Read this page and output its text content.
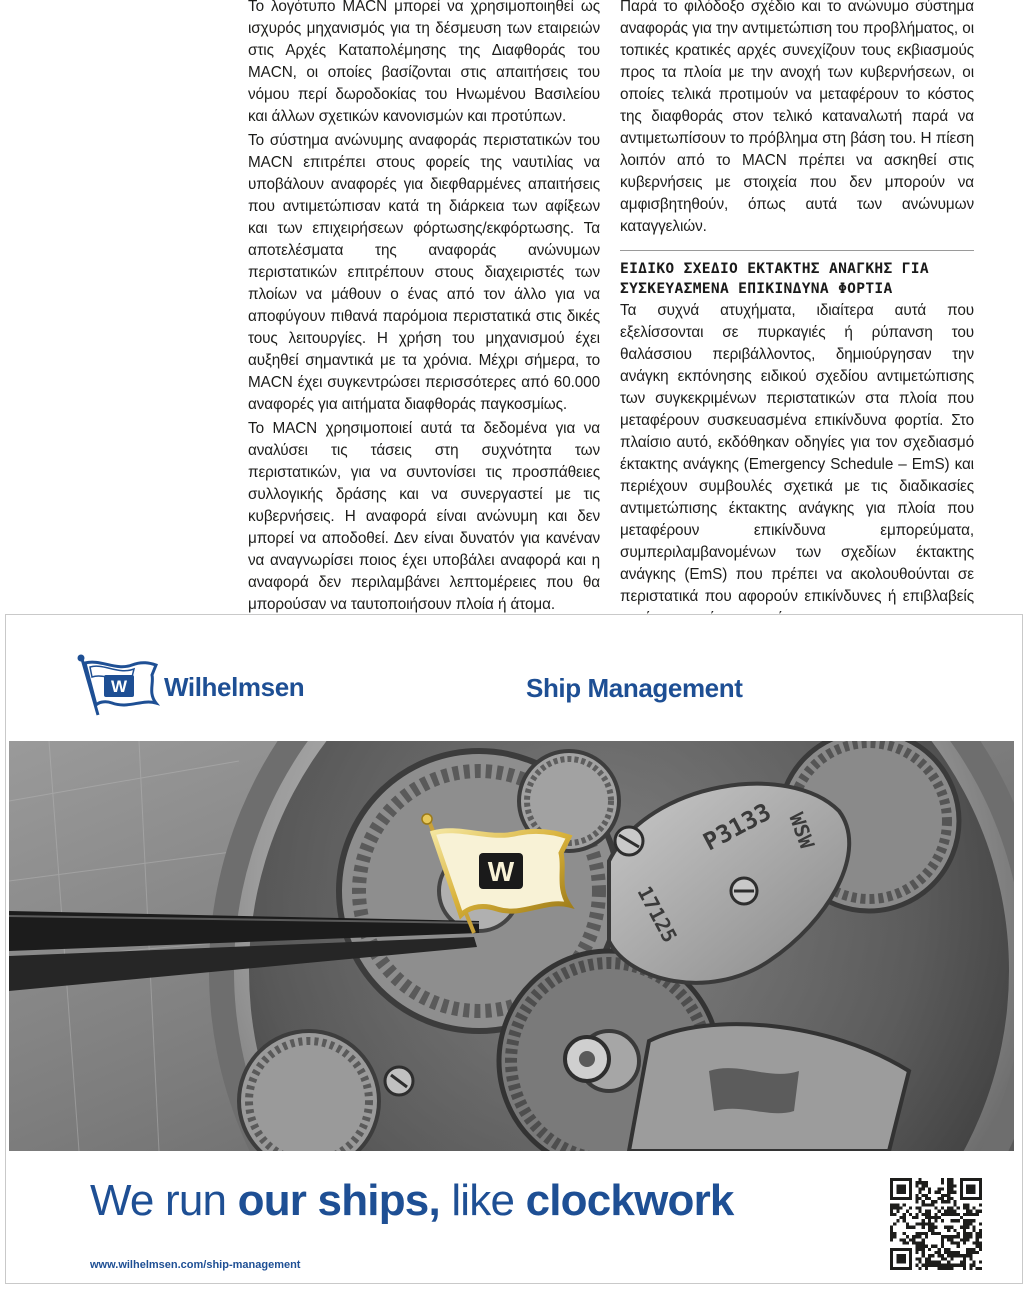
Το λογότυπο MACN μπορεί να χρησιμοποιηθεί ως ισχυρός μηχανισμός για τη δέσμευση των εταιρειών στις Αρχές Καταπολέμησης της Διαφθοράς του MACN, οι οποίες βασίζονται στις απαιτήσεις του νόμου περί δωροδοκίας του Ηνωμένου Βασιλείου και άλλων σχετικών κανονισμών και προτύπων.

Το σύστημα ανώνυμης αναφοράς περιστατικών του MACN επιτρέπει στους φορείς της ναυτιλίας να υποβάλουν αναφορές για διεφθαρμένες απαιτήσεις που αντιμετώπισαν κατά τη διάρκεια των αφίξεων και των επιχειρήσεων φόρτωσης/εκφόρτωσης. Τα αποτελέσματα της αναφοράς ανώνυμων περιστατικών επιτρέπουν στους διαχειριστές των πλοίων να μάθουν ο ένας από τον άλλο για να αποφύγουν πιθανά παρόμοια περιστατικά στις δικές τους λειτουργίες. Η χρήση του μηχανισμού έχει αυξηθεί σημαντικά με τα χρόνια. Μέχρι σήμερα, το MACN έχει συγκεντρώσει περισσότερες από 60.000 αναφορές για αιτήματα διαφθοράς παγκοσμίως.

Το MACN χρησιμοποιεί αυτά τα δεδομένα για να αναλύσει τις τάσεις στη συχνότητα των περιστατικών, για να συντονίσει τις προσπάθειες συλλογικής δράσης και να συνεργαστεί με τις κυβερνήσεις. Η αναφορά είναι ανώνυμη και δεν μπορεί να αποδοθεί. Δεν είναι δυνατόν για κανέναν να αναγνωρίσει ποιος έχει υποβάλει αναφορά και η αναφορά δεν περιλαμβάνει λεπτομέρειες που θα μπορούσαν να ταυτοποιήσουν πλοία ή άτομα.

Παρά το φιλόδοξο σχέδιο και το ανώνυμο σύστημα αναφοράς για την αντιμετώπιση του προβλήματος, οι τοπικές κρατικές αρχές συνεχίζουν τους εκβιασμούς προς τα πλοία με την ανοχή των κυβερνήσεων, οι οποίες τελικά προτιμούν να μεταφέρουν το κόστος της διαφθοράς στον τελικό καταναλωτή παρά να αντιμετωπίσουν το πρόβλημα στη βάση του. Η πίεση λοιπόν από το MACN πρέπει να ασκηθεί στις κυβερνήσεις με στοιχεία που δεν μπορούν να αμφισβητηθούν, όπως αυτά των ανώνυμων καταγγελιών.

ΕΙΔΙΚΟ ΣΧΕΔΙΟ ΕΚΤΑΚΤΗΣ ΑΝΑΓΚΗΣ ΓΙΑ
ΣΥΣΚΕΥΑΣΜΕΝΑ ΕΠΙΚΙΝΔΥΝΑ ΦΟΡΤΙΑ

Τα συχνά ατυχήματα, ιδιαίτερα αυτά που εξελίσσονται σε πυρκαγιές ή ρύπανση του θαλάσσιου περιβάλλοντος, δημιούργησαν την ανάγκη εκπόνησης ειδικού σχεδίου αντιμετώπισης των συγκεκριμένων περιστατικών στα πλοία που μεταφέρουν συσκευασμένα επικίνδυνα φορτία. Στο πλαίσιο αυτό, εκδόθηκαν οδηγίες για τον σχεδιασμό έκτακτης ανάγκης (Emergency Schedule – EmS) και περιέχουν συμβουλές σχετικά με τις διαδικασίες αντιμετώπισης έκτακτης ανάγκης για πλοία που μεταφέρουν επικίνδυνα εμπορεύματα, συμπεριλαμβανομένων των σχεδίων έκτακτης ανάγκης (EmS) που πρέπει να ακολουθούνται σε περιστατικά που αφορούν επικίνδυνες ή επιβλαβείς

W Wilhelmsen	Ship Management
P3133 WSW
17125
W
We run our ships, like clockwork
www.wilhelmsen.com/ship-management
